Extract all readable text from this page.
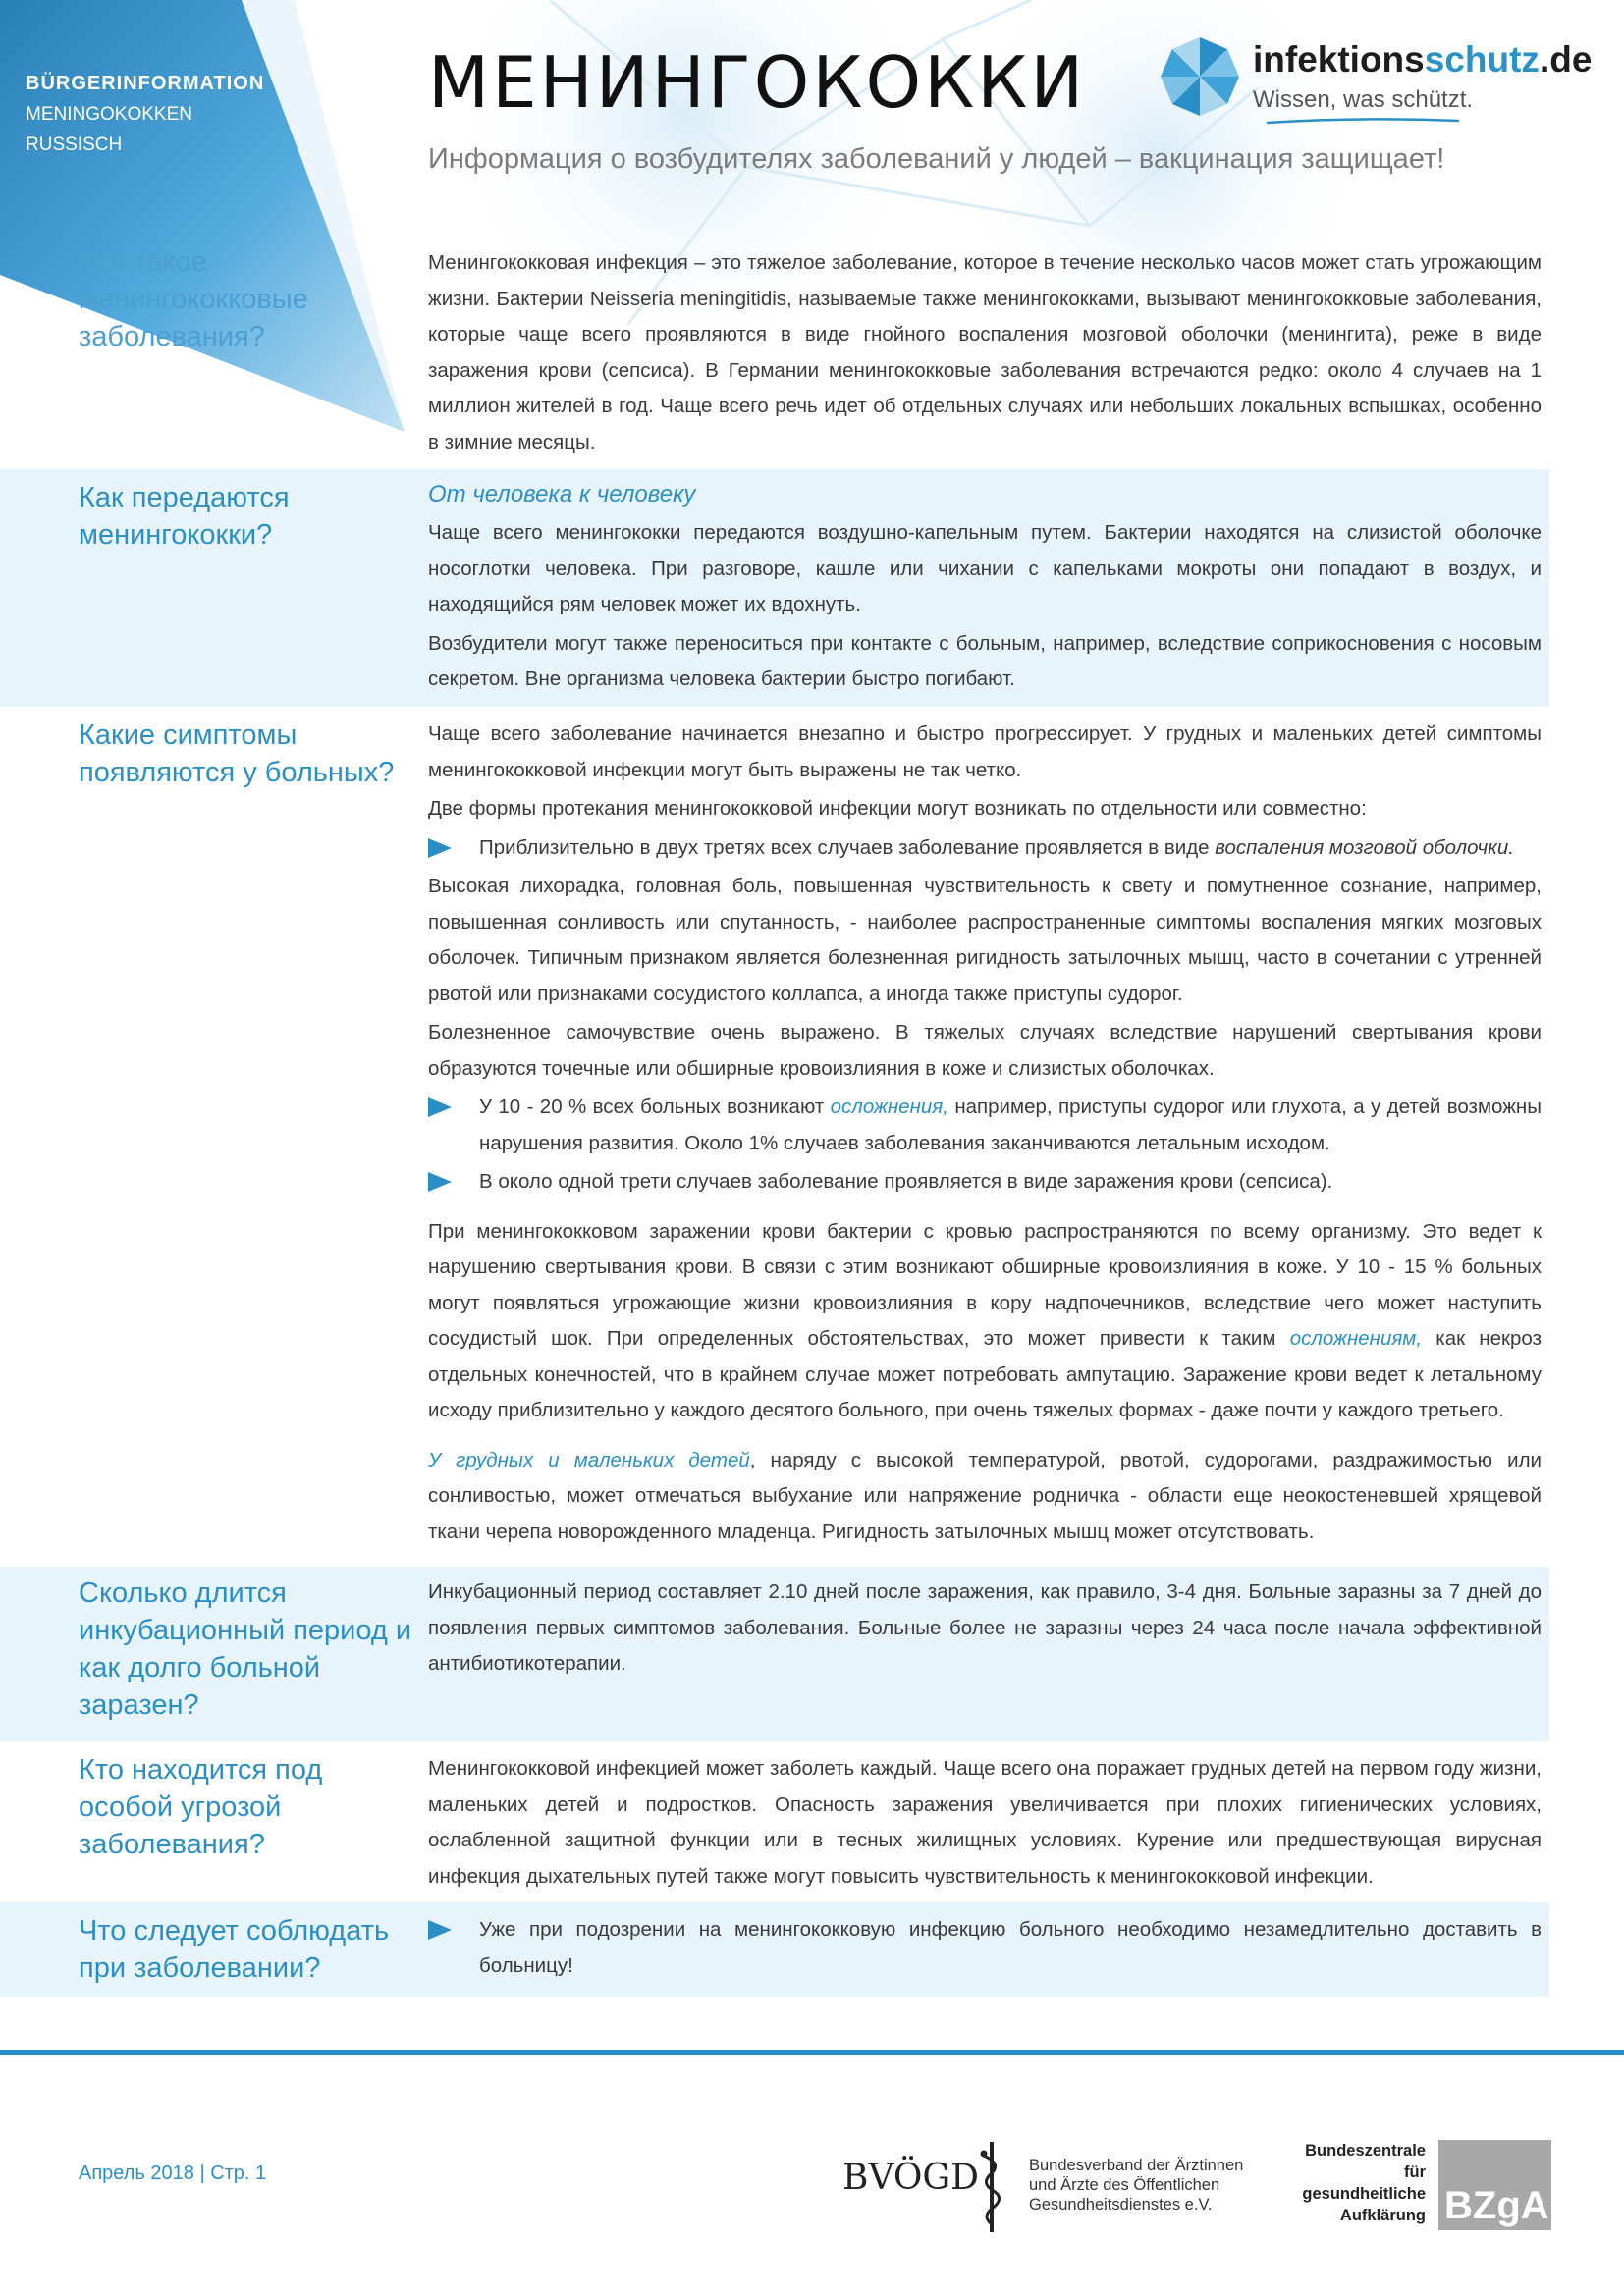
BÜRGERINFORMATION
MENINGOKOKKEN
RUSSISCH
МЕНИНГОКОККИ
Информация о возбудителях заболеваний у людей – вакцинация защищает!
infektionsschutz.de
Wissen, was schützt.
Что такое менингококковые заболевания?

Менингококковая инфекция – это тяжелое заболевание, которое в течение несколько часов может стать угрожающим жизни. Бактерии Neisseria meningitidis, называемые также менингококками, вызывают менингококковые заболевания, которые чаще всего проявляются в виде гнойного воспаления мозговой оболочки (менингита), реже в виде заражения крови (сепсиса). В Германии менингококковые заболевания встречаются редко: около 4 случаев на 1 миллион жителей в год. Чаще всего речь идет об отдельных случаях или небольших локальных вспышках, особенно в зимние месяцы.

Как передаются менингококки?

От человека к человеку

Чаще всего менингококки передаются воздушно-капельным путем. Бактерии находятся на слизистой оболочке носоглотки человека. При разговоре, кашле или чихании с капельками мокроты они попадают в воздух, и находящийся рям человек может их вдохнуть.

Возбудители могут также переноситься при контакте с больным, например, вследствие соприкосновения с носовым секретом. Вне организма человека бактерии быстро погибают.

Какие симптомы появляются у больных?

Чаще всего заболевание начинается внезапно и быстро прогрессирует. У грудных и маленьких детей симптомы менингококковой инфекции могут быть выражены не так четко.

Две формы протекания менингококковой инфекции могут возникать по отдельности или совместно:

Приблизительно в двух третях всех случаев заболевание проявляется в виде воспаления мозговой оболочки.

Высокая лихорадка, головная боль, повышенная чувствительность к свету и помутненное сознание, например, повышенная сонливость или спутанность, - наиболее распространенные симптомы воспаления мягких мозговых оболочек. Типичным признаком является болезненная ригидность затылочных мышц, часто в сочетании с утренней рвотой или признаками сосудистого коллапса, а иногда также приступы судорог.

Болезненное самочувствие очень выражено. В тяжелых случаях вследствие нарушений свертывания крови образуются точечные или обширные кровоизлияния в коже и слизистых оболочках.

У 10 - 20 % всех больных возникают осложнения, например, приступы судорог или глухота, а у детей возможны нарушения развития. Около 1% случаев заболевания заканчиваются летальным исходом.

В около одной трети случаев заболевание проявляется в виде заражения крови (сепсиса).

При менингококковом заражении крови бактерии с кровью распространяются по всему организму. Это ведет к нарушению свертывания крови. В связи с этим возникают обширные кровоизлияния в коже. У 10 - 15 % больных могут появляться угрожающие жизни кровоизлияния в кору надпочечников, вследствие чего может наступить сосудистый шок. При определенных обстоятельствах, это может привести к таким осложнениям, как некроз отдельных конечностей, что в крайнем случае может потребовать ампутацию. Заражение крови ведет к летальному исходу приблизительно у каждого десятого больного, при очень тяжелых формах - даже почти у каждого третьего.

У грудных и маленьких детей, наряду с высокой температурой, рвотой, судорогами, раздражимостью или сонливостью, может отмечаться выбухание или напряжение родничка - области еще неокостеневшей хрящевой ткани черепа новорожденного младенца. Ригидность затылочных мышц может отсутствовать.

Сколько длится инкубационный период и как долго больной заразен?

Инкубационный период составляет 2.10 дней после заражения, как правило, 3-4 дня. Больные заразны за 7 дней до появления первых симптомов заболевания. Больные более не заразны через 24 часа после начала эффективной антибиотикотерапии.

Кто находится под особой угрозой заболевания?

Менингококковой инфекцией может заболеть каждый. Чаще всего она поражает грудных детей на первом году жизни, маленьких детей и подростков. Опасность заражения увеличивается при плохих гигиенических условиях, ослабленной защитной функции или в тесных жилищных условиях. Курение или предшествующая вирусная инфекция дыхательных путей также могут повысить чувствительность к менингококковой инфекции.

Что следует соблюдать при заболевании?

Уже при подозрении на менингококковую инфекцию больного необходимо незамедлительно доставить в больницу!

Апрель 2018 | Стр. 1	BVÖGD	Bundesverband der Ärztinnen und Ärzte des Öffentlichen Gesundheitsdienstes e.V.
Bundeszentrale für gesundheitliche Aufklärung BZgA
